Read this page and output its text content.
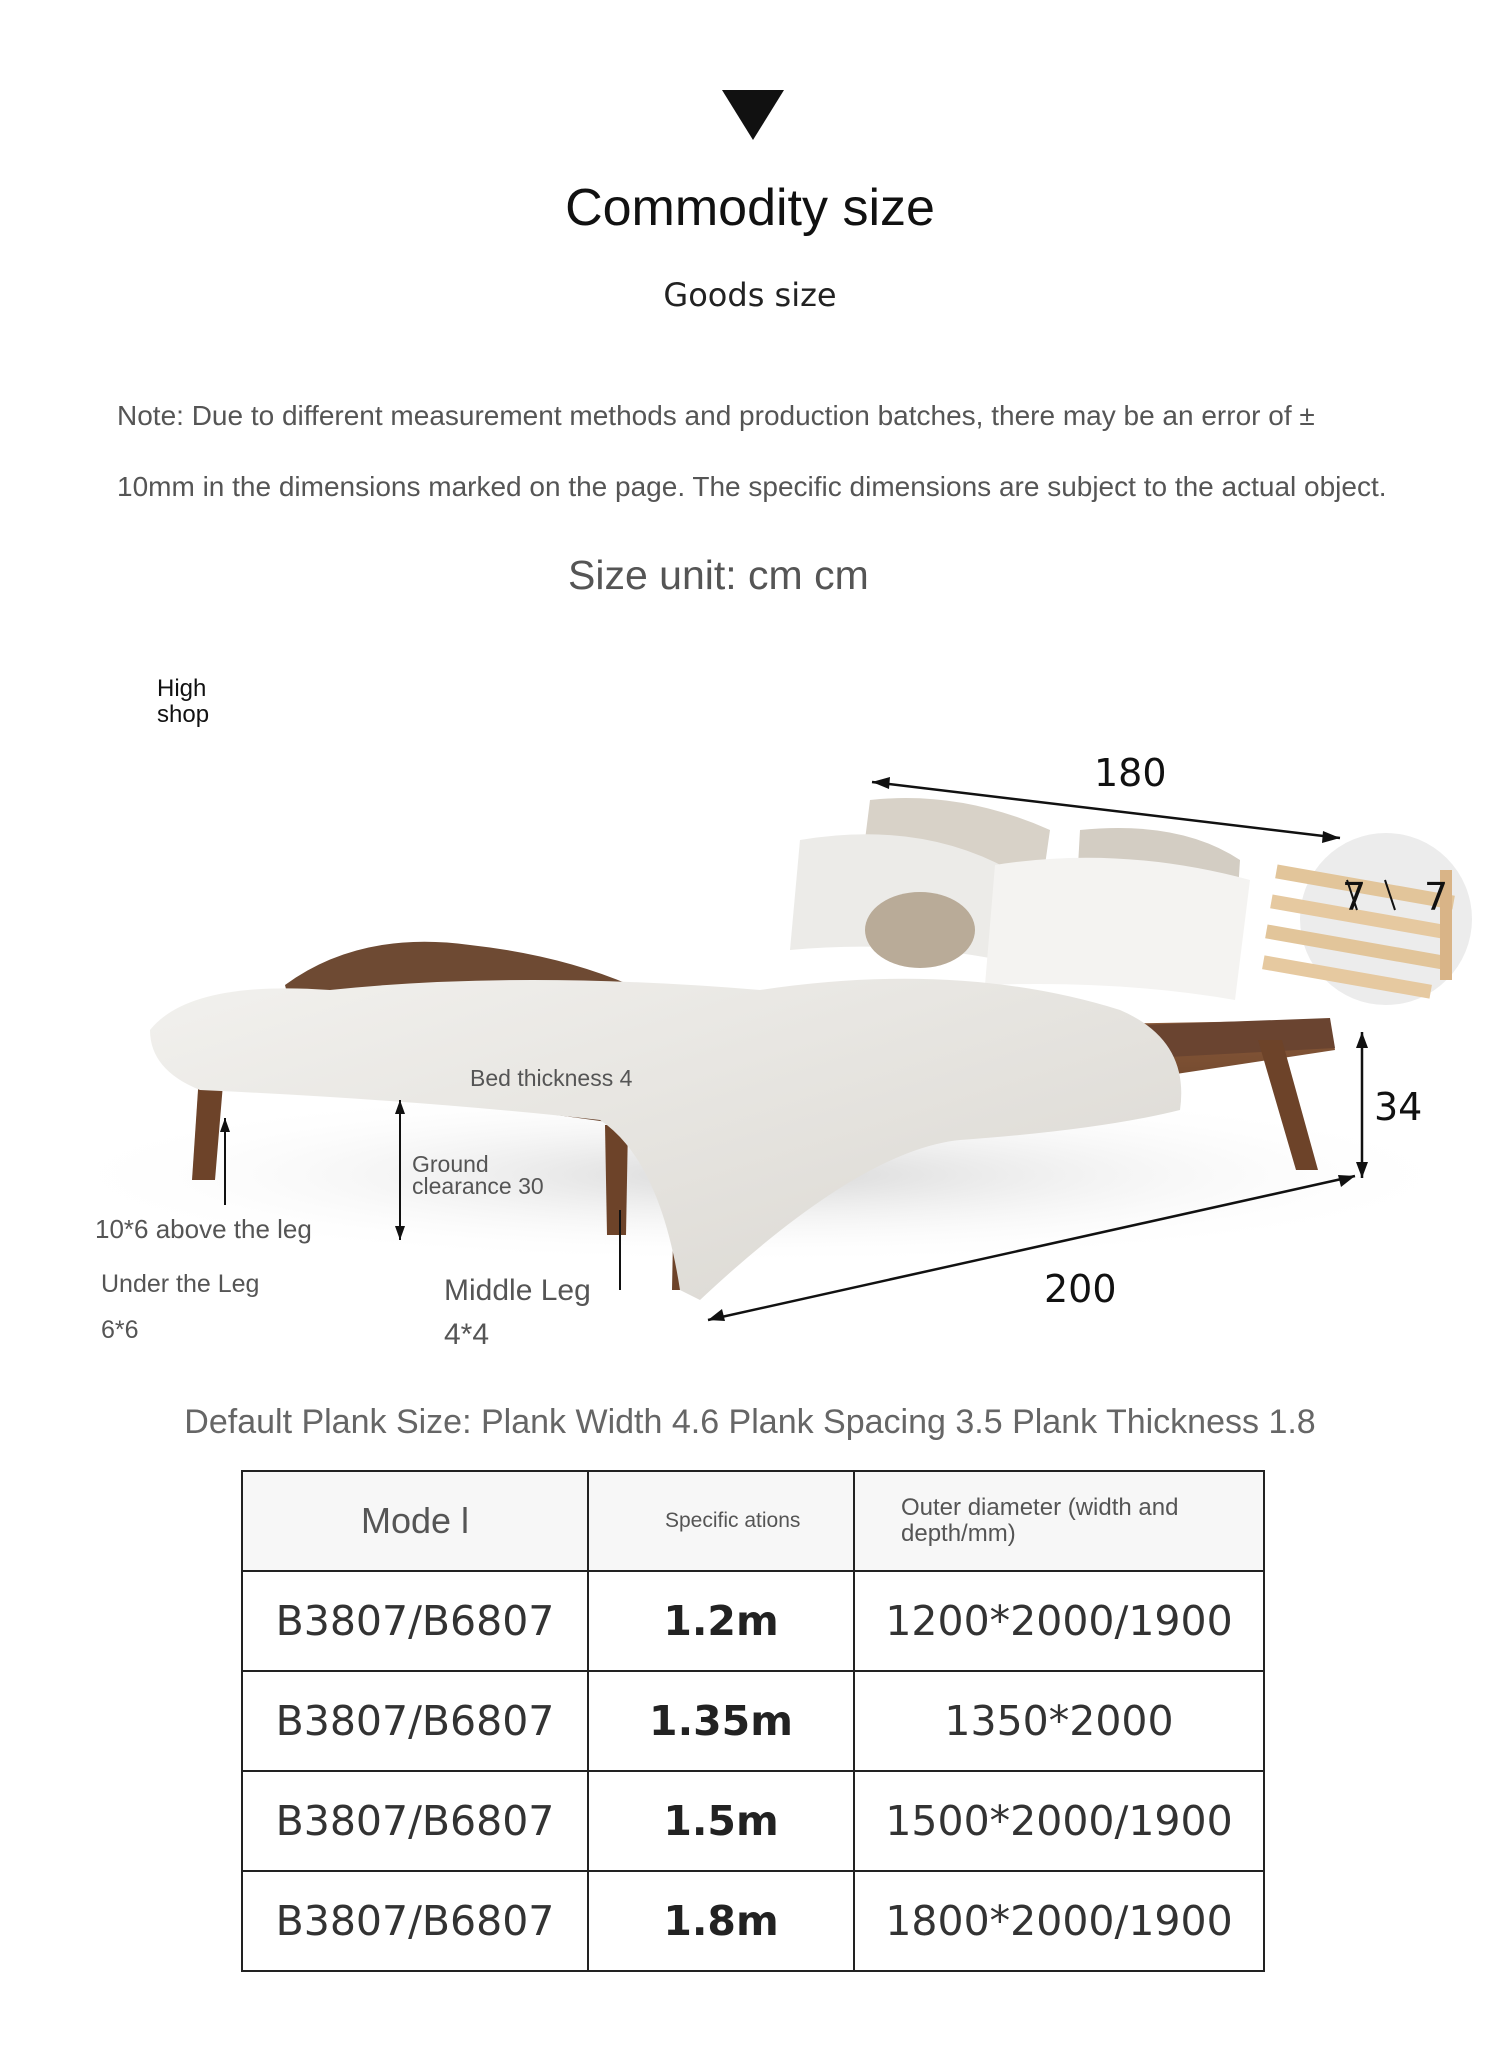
Commodity size
Goods size
Note: Due to different measurement methods and production batches, there may be an error of ± 10mm in the dimensions marked on the page. The specific dimensions are subject to the actual object.
Size unit: cm cm
High
shop
180
200
34
7 7
Bed thickness 4
Ground
clearance 30
10*6 above the leg
Under the Leg
6*6
Middle Leg
4*4
Default Plank Size: Plank Width 4.6 Plank Spacing 3.5 Plank Thickness 1.8
Mode l	Specific ations	Outer diameter (width and depth/mm)
B3807/B6807	1.2m	1200*2000/1900
B3807/B6807	1.35m	1350*2000
B3807/B6807	1.5m	1500*2000/1900
B3807/B6807	1.8m	1800*2000/1900
